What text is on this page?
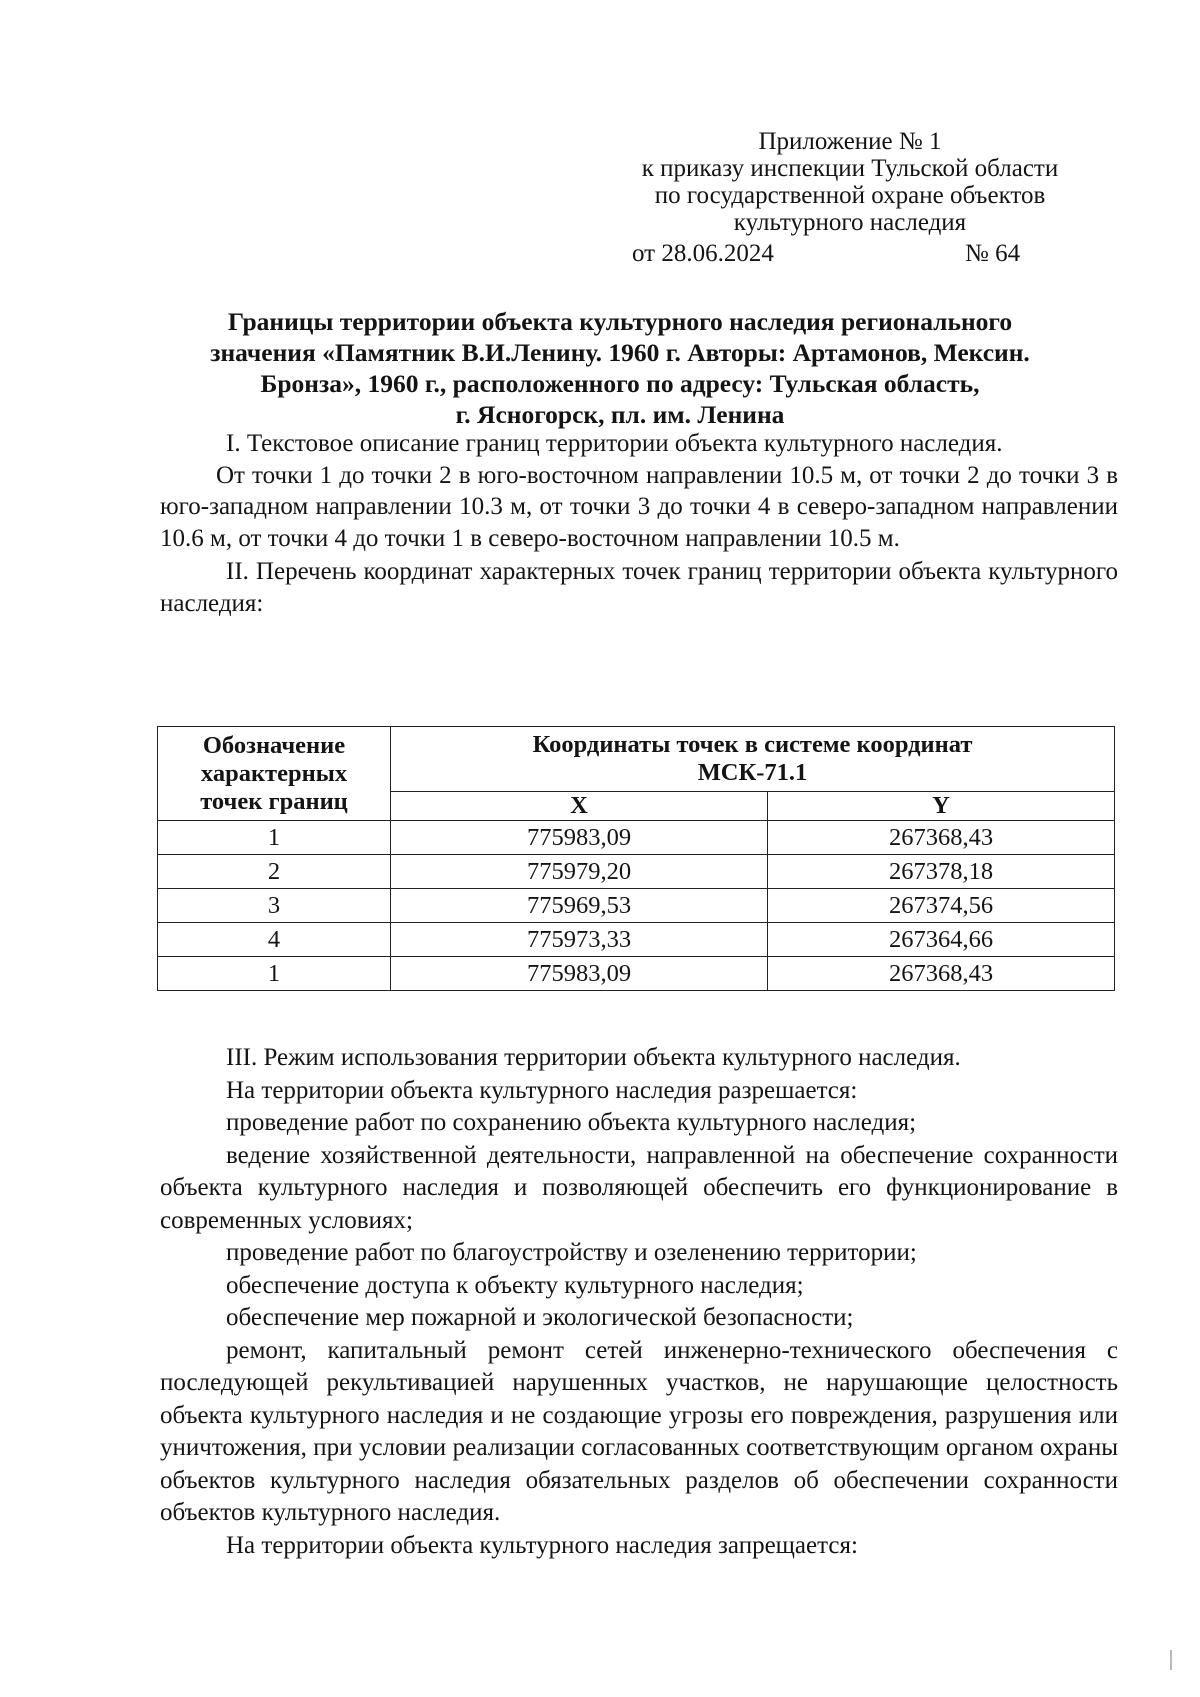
Приложение № 1
к приказу инспекции Тульской области
по государственной охране объектов
культурного наследия
от 28.06.2024	№ 64
Границы территории объекта культурного наследия регионального
значения «Памятник В.И.Ленину. 1960 г. Авторы: Артамонов, Мексин.
Бронза», 1960 г., расположенного по адресу: Тульская область,
г. Ясногорск, пл. им. Ленина

I. Текстовое описание границ территории объекта культурного наследия.

От точки 1 до точки 2 в юго-восточном направлении 10.5 м, от точки 2 до точки 3 в юго-западном направлении 10.3 м, от точки 3 до точки 4 в северо-западном направлении 10.6 м, от точки 4 до точки 1 в северо-восточном направлении 10.5 м.

II. Перечень координат характерных точек границ территории объекта культурного наследия:

Обозначение характерных точек границ	Координаты точек в системе координат
МСК-71.1	

	X	Y
1	775983,09	267368,43
2	775979,20	267378,18
3	775969,53	267374,56
4	775973,33	267364,66
1	775983,09	267368,43

III. Режим использования территории объекта культурного наследия.

На территории объекта культурного наследия разрешается:

проведение работ по сохранению объекта культурного наследия;

ведение хозяйственной деятельности, направленной на обеспечение сохранности объекта культурного наследия и позволяющей обеспечить его функционирование в современных условиях;

проведение работ по благоустройству и озеленению территории;

обеспечение доступа к объекту культурного наследия;

обеспечение мер пожарной и экологической безопасности;

ремонт, капитальный ремонт сетей инженерно-технического обеспечения с последующей рекультивацией нарушенных участков, не нарушающие целостность объекта культурного наследия и не создающие угрозы его повреждения, разрушения или уничтожения, при условии реализации согласованных соответствующим органом охраны объектов культурного наследия обязательных разделов об обеспечении сохранности объектов культурного наследия.

На территории объекта культурного наследия запрещается:
